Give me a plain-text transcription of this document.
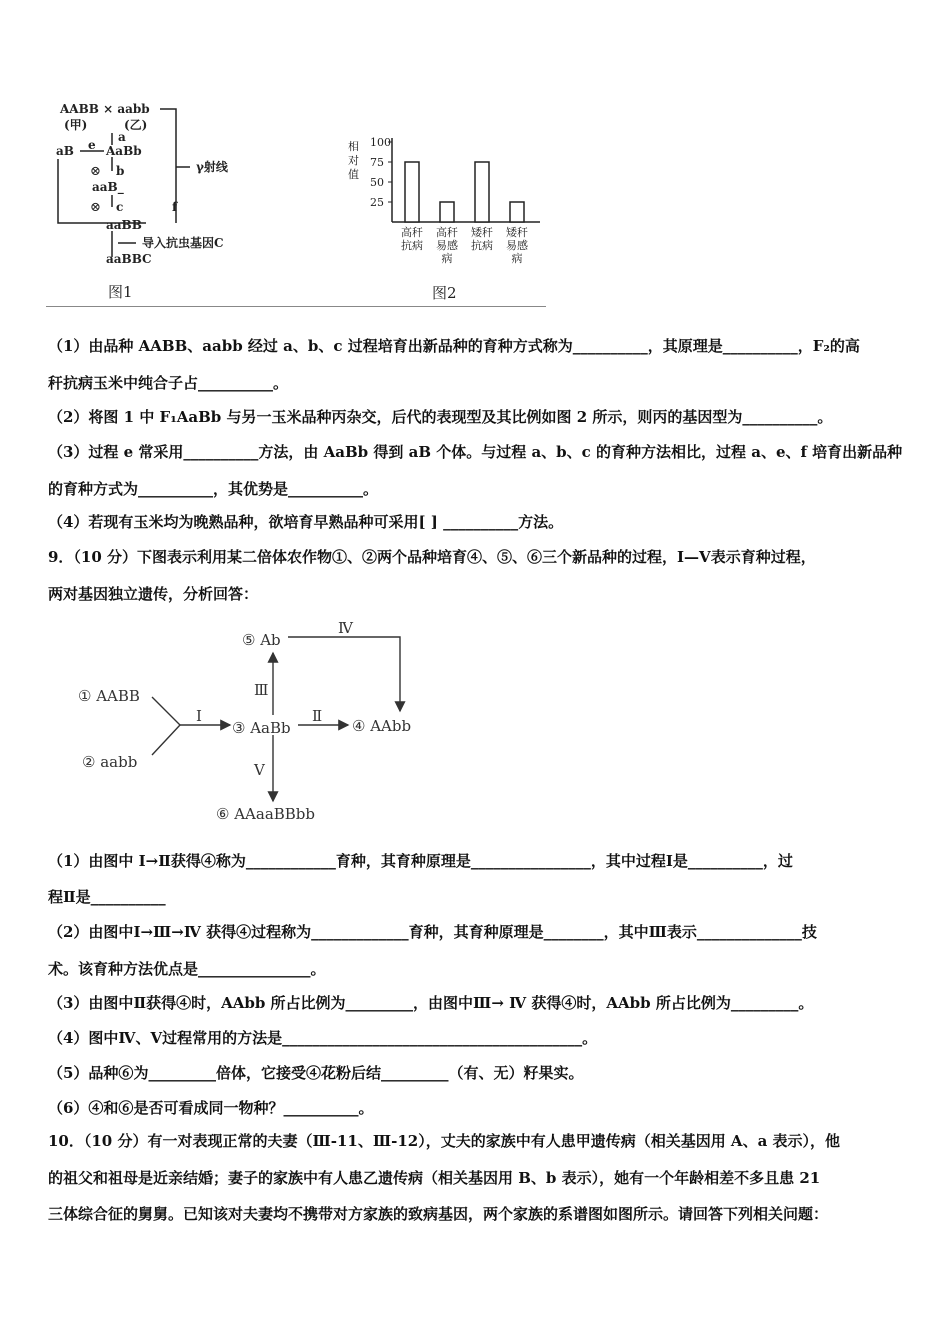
AABB × aabb
(甲)	(乙)
a
e
aB	AaBb
b
aaB_
c
aaBB
γ射线
f
导入抗虫基因C
aaBBC
⊗
⊗
图1
相
对
值
100
75
50
25
高秆
抗病
高秆
易感
病
矮秆
抗病
矮秆
易感
病
图2
（1）由品种 AABB、aabb 经过 a、b、c 过程培育出新品种的育种方式称为__________，其原理是__________，F₂的高
秆抗病玉米中纯合子占__________。
（2）将图 1 中 F₁AaBb 与另一玉米品种丙杂交，后代的表现型及其比例如图 2 所示，则丙的基因型为__________。
（3）过程 e 常采用__________方法，由 AaBb 得到 aB 个体。与过程 a、b、c 的育种方法相比，过程 a、e、f 培育出新品种
的育种方式为__________，其优势是__________。
（4）若现有玉米均为晚熟品种，欲培育早熟品种可采用[ ] __________方法。
9．（10 分）下图表示利用某二倍体农作物①、②两个品种培育④、⑤、⑥三个新品种的过程，Ⅰ—Ⅴ表示育种过程，
两对基因独立遗传，分析回答：
① AABB
② aabb
③ AaBb	④ AAbb
⑤ Ab
⑥ AAaaBBbb
Ⅰ	Ⅱ
Ⅲ
Ⅳ
Ⅴ
（1）由图中 Ⅰ→Ⅱ获得④称为____________育种，其育种原理是________________，其中过程Ⅰ是__________，过
程Ⅱ是__________
（2）由图中Ⅰ→Ⅲ→Ⅳ 获得④过程称为_____________育种，其育种原理是________，其中Ⅲ表示______________技
术。该育种方法优点是_______________。
（3）由图中Ⅱ获得④时，AAbb 所占比例为_________，由图中Ⅲ→ Ⅳ 获得④时，AAbb 所占比例为_________。
（4）图中Ⅳ、Ⅴ过程常用的方法是________________________________________。
（5）品种⑥为_________倍体，它接受④花粉后结_________（有、无）籽果实。
（6）④和⑥是否可看成同一物种？__________。
10．（10 分）有一对表现正常的夫妻（Ⅲ-11、Ⅲ-12），丈夫的家族中有人患甲遗传病（相关基因用 A、a 表示），他
的祖父和祖母是近亲结婚；妻子的家族中有人患乙遗传病（相关基因用 B、b 表示），她有一个年龄相差不多且患 21
三体综合征的舅舅。已知该对夫妻均不携带对方家族的致病基因，两个家族的系谱图如图所示。请回答下列相关问题：
